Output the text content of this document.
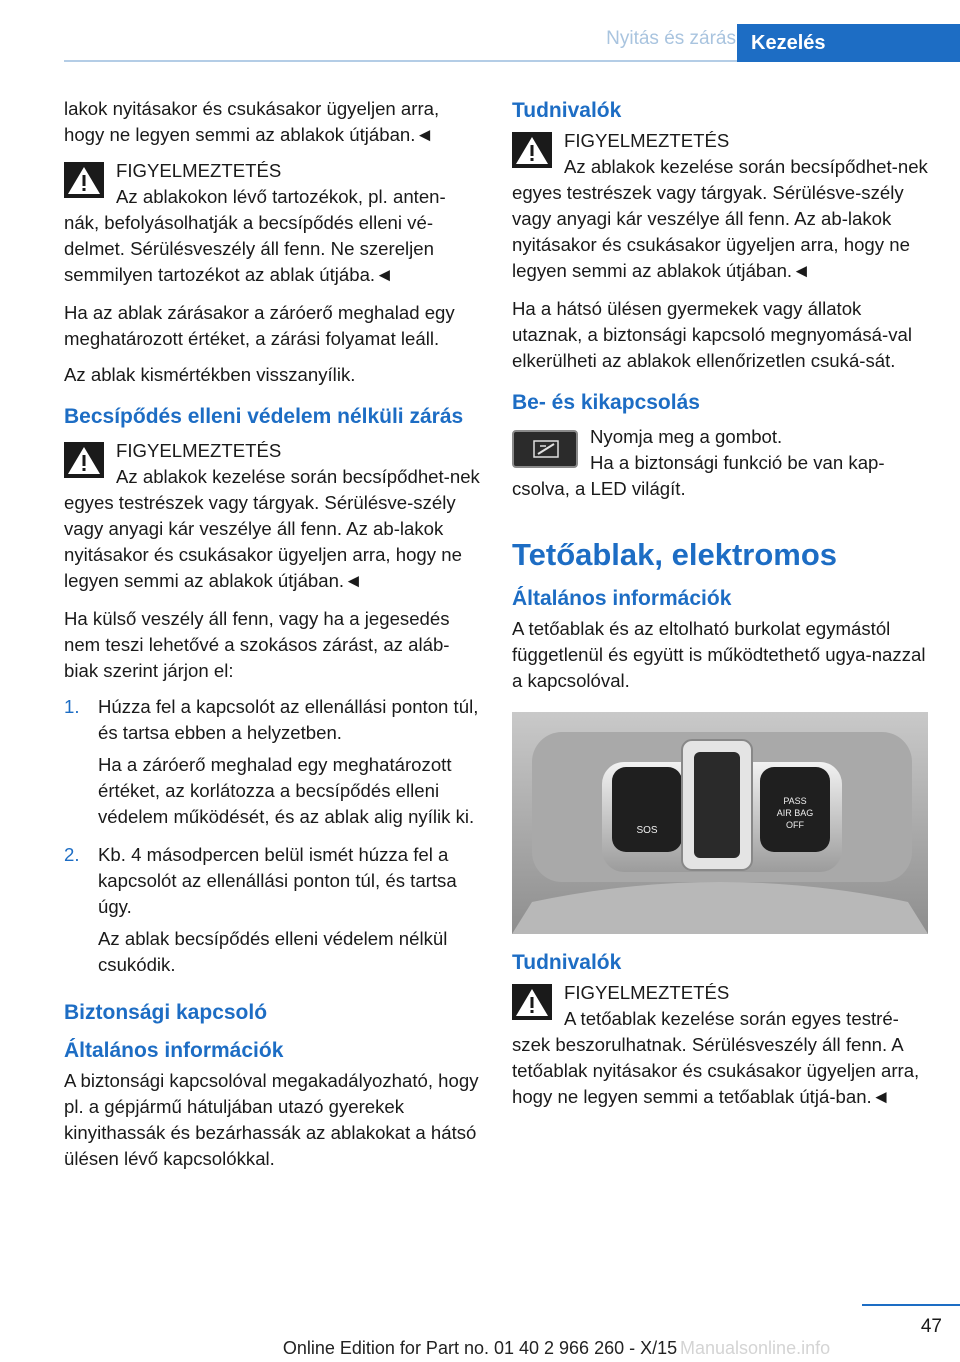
Nyitás és zárás Kezelés

lakok nyitásakor és csukásakor ügyeljen arra, hogy ne legyen semmi az ablakok útjában.◄

FIGYELMEZTETÉS
Az ablakokon lévő tartozékok, pl. anten-nák, befolyásolhatják a becsípődés elleni vé-delmet. Sérülésveszély áll fenn. Ne szereljen semmilyen tartozékot az ablak útjába.◄

Ha az ablak zárásakor a záróerő meghalad egy meghatározott értéket, a zárási folyamat leáll.

Az ablak kismértékben visszanyílik.

Becsípődés elleni védelem nélküli zárás
FIGYELMEZTETÉS
Az ablakok kezelése során becsípődhet-nek egyes testrészek vagy tárgyak. Sérülésve-szély vagy anyagi kár veszélye áll fenn. Az ab-lakok nyitásakor és csukásakor ügyeljen arra, hogy ne legyen semmi az ablakok útjában.◄

Ha külső veszély áll fenn, vagy ha a jegesedés nem teszi lehetővé a szokásos zárást, az aláb-biak szerint járjon el:

1. Húzza fel a kapcsolót az ellenállási ponton túl, és tartsa ebben a helyzetben.

Ha a záróerő meghalad egy meghatározott értéket, az korlátozza a becsípődés elleni védelem működését, és az ablak alig nyílik ki.

2. Kb. 4 másodpercen belül ismét húzza fel a kapcsolót az ellenállási ponton túl, és tartsa úgy.

Az ablak becsípődés elleni védelem nélkül csukódik.

Biztonsági kapcsoló
Általános információk

A biztonsági kapcsolóval megakadályozható, hogy pl. a gépjármű hátuljában utazó gyerekek kinyithassák és bezárhassák az ablakokat a hátsó ülésen lévő kapcsolókkal.

Tudnivalók
FIGYELMEZTETÉS
Az ablakok kezelése során becsípődhet-nek egyes testrészek vagy tárgyak. Sérülésve-szély vagy anyagi kár veszélye áll fenn. Az ab-lakok nyitásakor és csukásakor ügyeljen arra, hogy ne legyen semmi az ablakok útjában.◄

Ha a hátsó ülésen gyermekek vagy állatok utaznak, a biztonsági kapcsoló megnyomásá-val elkerülheti az ablakok ellenőrizetlen csuká-sát.

Be- és kikapcsolás
Nyomja meg a gombot.
Ha a biztonsági funkció be van kap-csolva, a LED világít.
Tetőablak, elektromos
Általános információk

A tetőablak és az eltolható burkolat egymástól függetlenül és együtt is működtethető ugya-nazzal a kapcsolóval.

SOS
PASS
AIR BAG
OFF
Tudnivalók
FIGYELMEZTETÉS
A tetőablak kezelése során egyes testré-szek beszorulhatnak. Sérülésveszély áll fenn. A tetőablak nyitásakor és csukásakor ügyeljen arra, hogy ne legyen semmi a tetőablak útjá-ban.◄
47
Online Edition for Part no. 01 40 2 966 260 - X/15 Manualsonline.info
